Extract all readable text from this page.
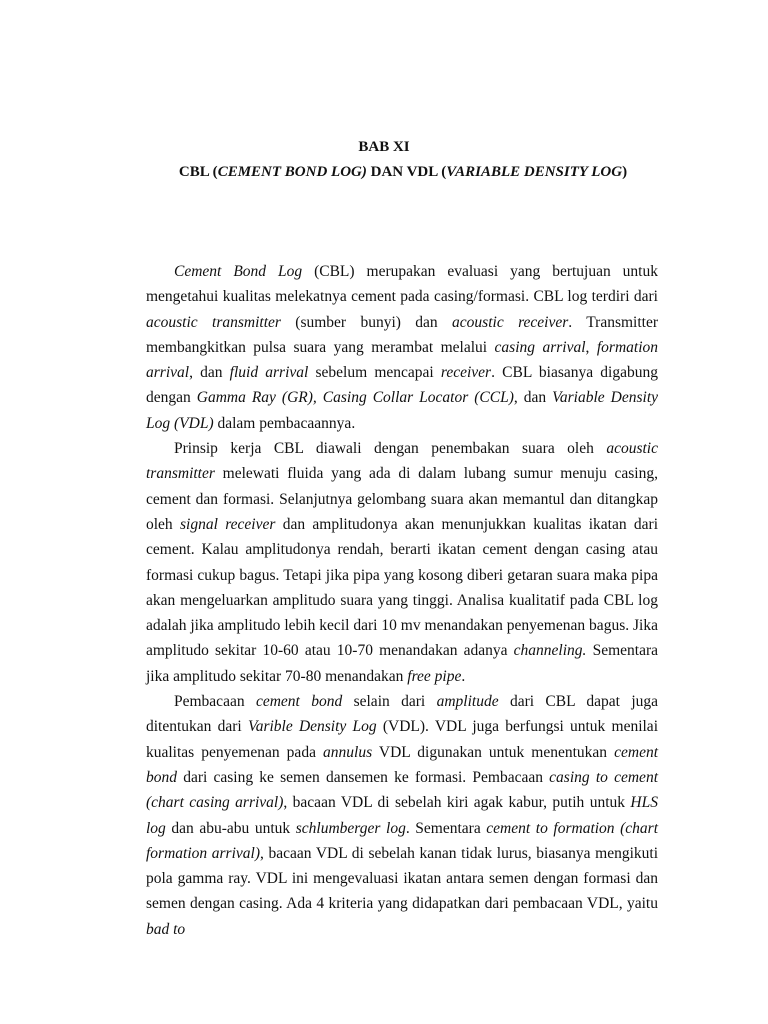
BAB XI
CBL (CEMENT BOND LOG) DAN VDL (VARIABLE DENSITY LOG)

Cement Bond Log (CBL) merupakan evaluasi yang bertujuan untuk mengetahui kualitas melekatnya cement pada casing/formasi. CBL log terdiri dari acoustic transmitter (sumber bunyi) dan acoustic receiver. Transmitter membangkitkan pulsa suara yang merambat melalui casing arrival, formation arrival, dan fluid arrival sebelum mencapai receiver. CBL biasanya digabung dengan Gamma Ray (GR), Casing Collar Locator (CCL), dan Variable Density Log (VDL) dalam pembacaannya.

Prinsip kerja CBL diawali dengan penembakan suara oleh acoustic transmitter melewati fluida yang ada di dalam lubang sumur menuju casing, cement dan formasi. Selanjutnya gelombang suara akan memantul dan ditangkap oleh signal receiver dan amplitudonya akan menunjukkan kualitas ikatan dari cement. Kalau amplitudonya rendah, berarti ikatan cement dengan casing atau formasi cukup bagus. Tetapi jika pipa yang kosong diberi getaran suara maka pipa akan mengeluarkan amplitudo suara yang tinggi. Analisa kualitatif pada CBL log adalah jika amplitudo lebih kecil dari 10 mv menandakan penyemenan bagus. Jika amplitudo sekitar 10-60 atau 10-70 menandakan adanya channeling. Sementara jika amplitudo sekitar 70-80 menandakan free pipe.

Pembacaan cement bond selain dari amplitude dari CBL dapat juga ditentukan dari Varible Density Log (VDL). VDL juga berfungsi untuk menilai kualitas penyemenan pada annulus VDL digunakan untuk menentukan cement bond dari casing ke semen dansemen ke formasi. Pembacaan casing to cement (chart casing arrival), bacaan VDL di sebelah kiri agak kabur, putih untuk HLS log dan abu-abu untuk schlumberger log. Sementara cement to formation (chart formation arrival), bacaan VDL di sebelah kanan tidak lurus, biasanya mengikuti pola gamma ray. VDL ini mengevaluasi ikatan antara semen dengan formasi dan semen dengan casing. Ada 4 kriteria yang didapatkan dari pembacaan VDL, yaitu bad to
